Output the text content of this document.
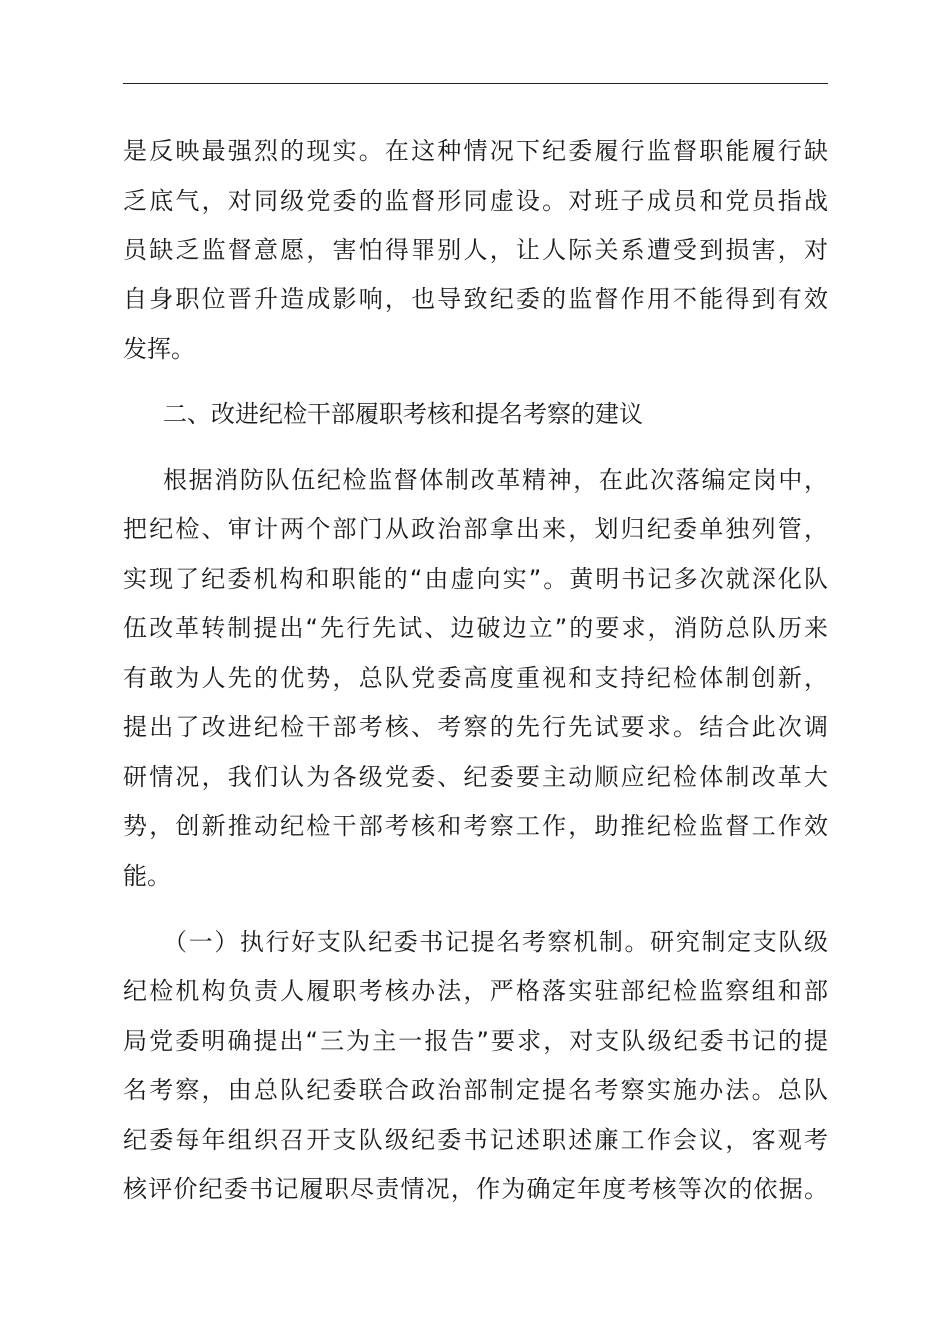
是反映最强烈的现实。在这种情况下纪委履行监督职能履行缺

乏底气，对同级党委的监督形同虚设。对班子成员和党员指战

员缺乏监督意愿，害怕得罪别人，让人际关系遭受到损害，对

自身职位晋升造成影响，也导致纪委的监督作用不能得到有效

发挥。

二、改进纪检干部履职考核和提名考察的建议

根据消防队伍纪检监督体制改革精神，在此次落编定岗中，

把纪检、审计两个部门从政治部拿出来，划归纪委单独列管，

实现了纪委机构和职能的“由虚向实”。黄明书记多次就深化队

伍改革转制提出“先行先试、边破边立”的要求，消防总队历来

有敢为人先的优势，总队党委高度重视和支持纪检体制创新，

提出了改进纪检干部考核、考察的先行先试要求。结合此次调

研情况，我们认为各级党委、纪委要主动顺应纪检体制改革大

势，创新推动纪检干部考核和考察工作，助推纪检监督工作效

能。

（一）执行好支队纪委书记提名考察机制。研究制定支队级

纪检机构负责人履职考核办法，严格落实驻部纪检监察组和部

局党委明确提出“三为主一报告”要求，对支队级纪委书记的提

名考察，由总队纪委联合政治部制定提名考察实施办法。总队

纪委每年组织召开支队级纪委书记述职述廉工作会议，客观考

核评价纪委书记履职尽责情况，作为确定年度考核等次的依据。
